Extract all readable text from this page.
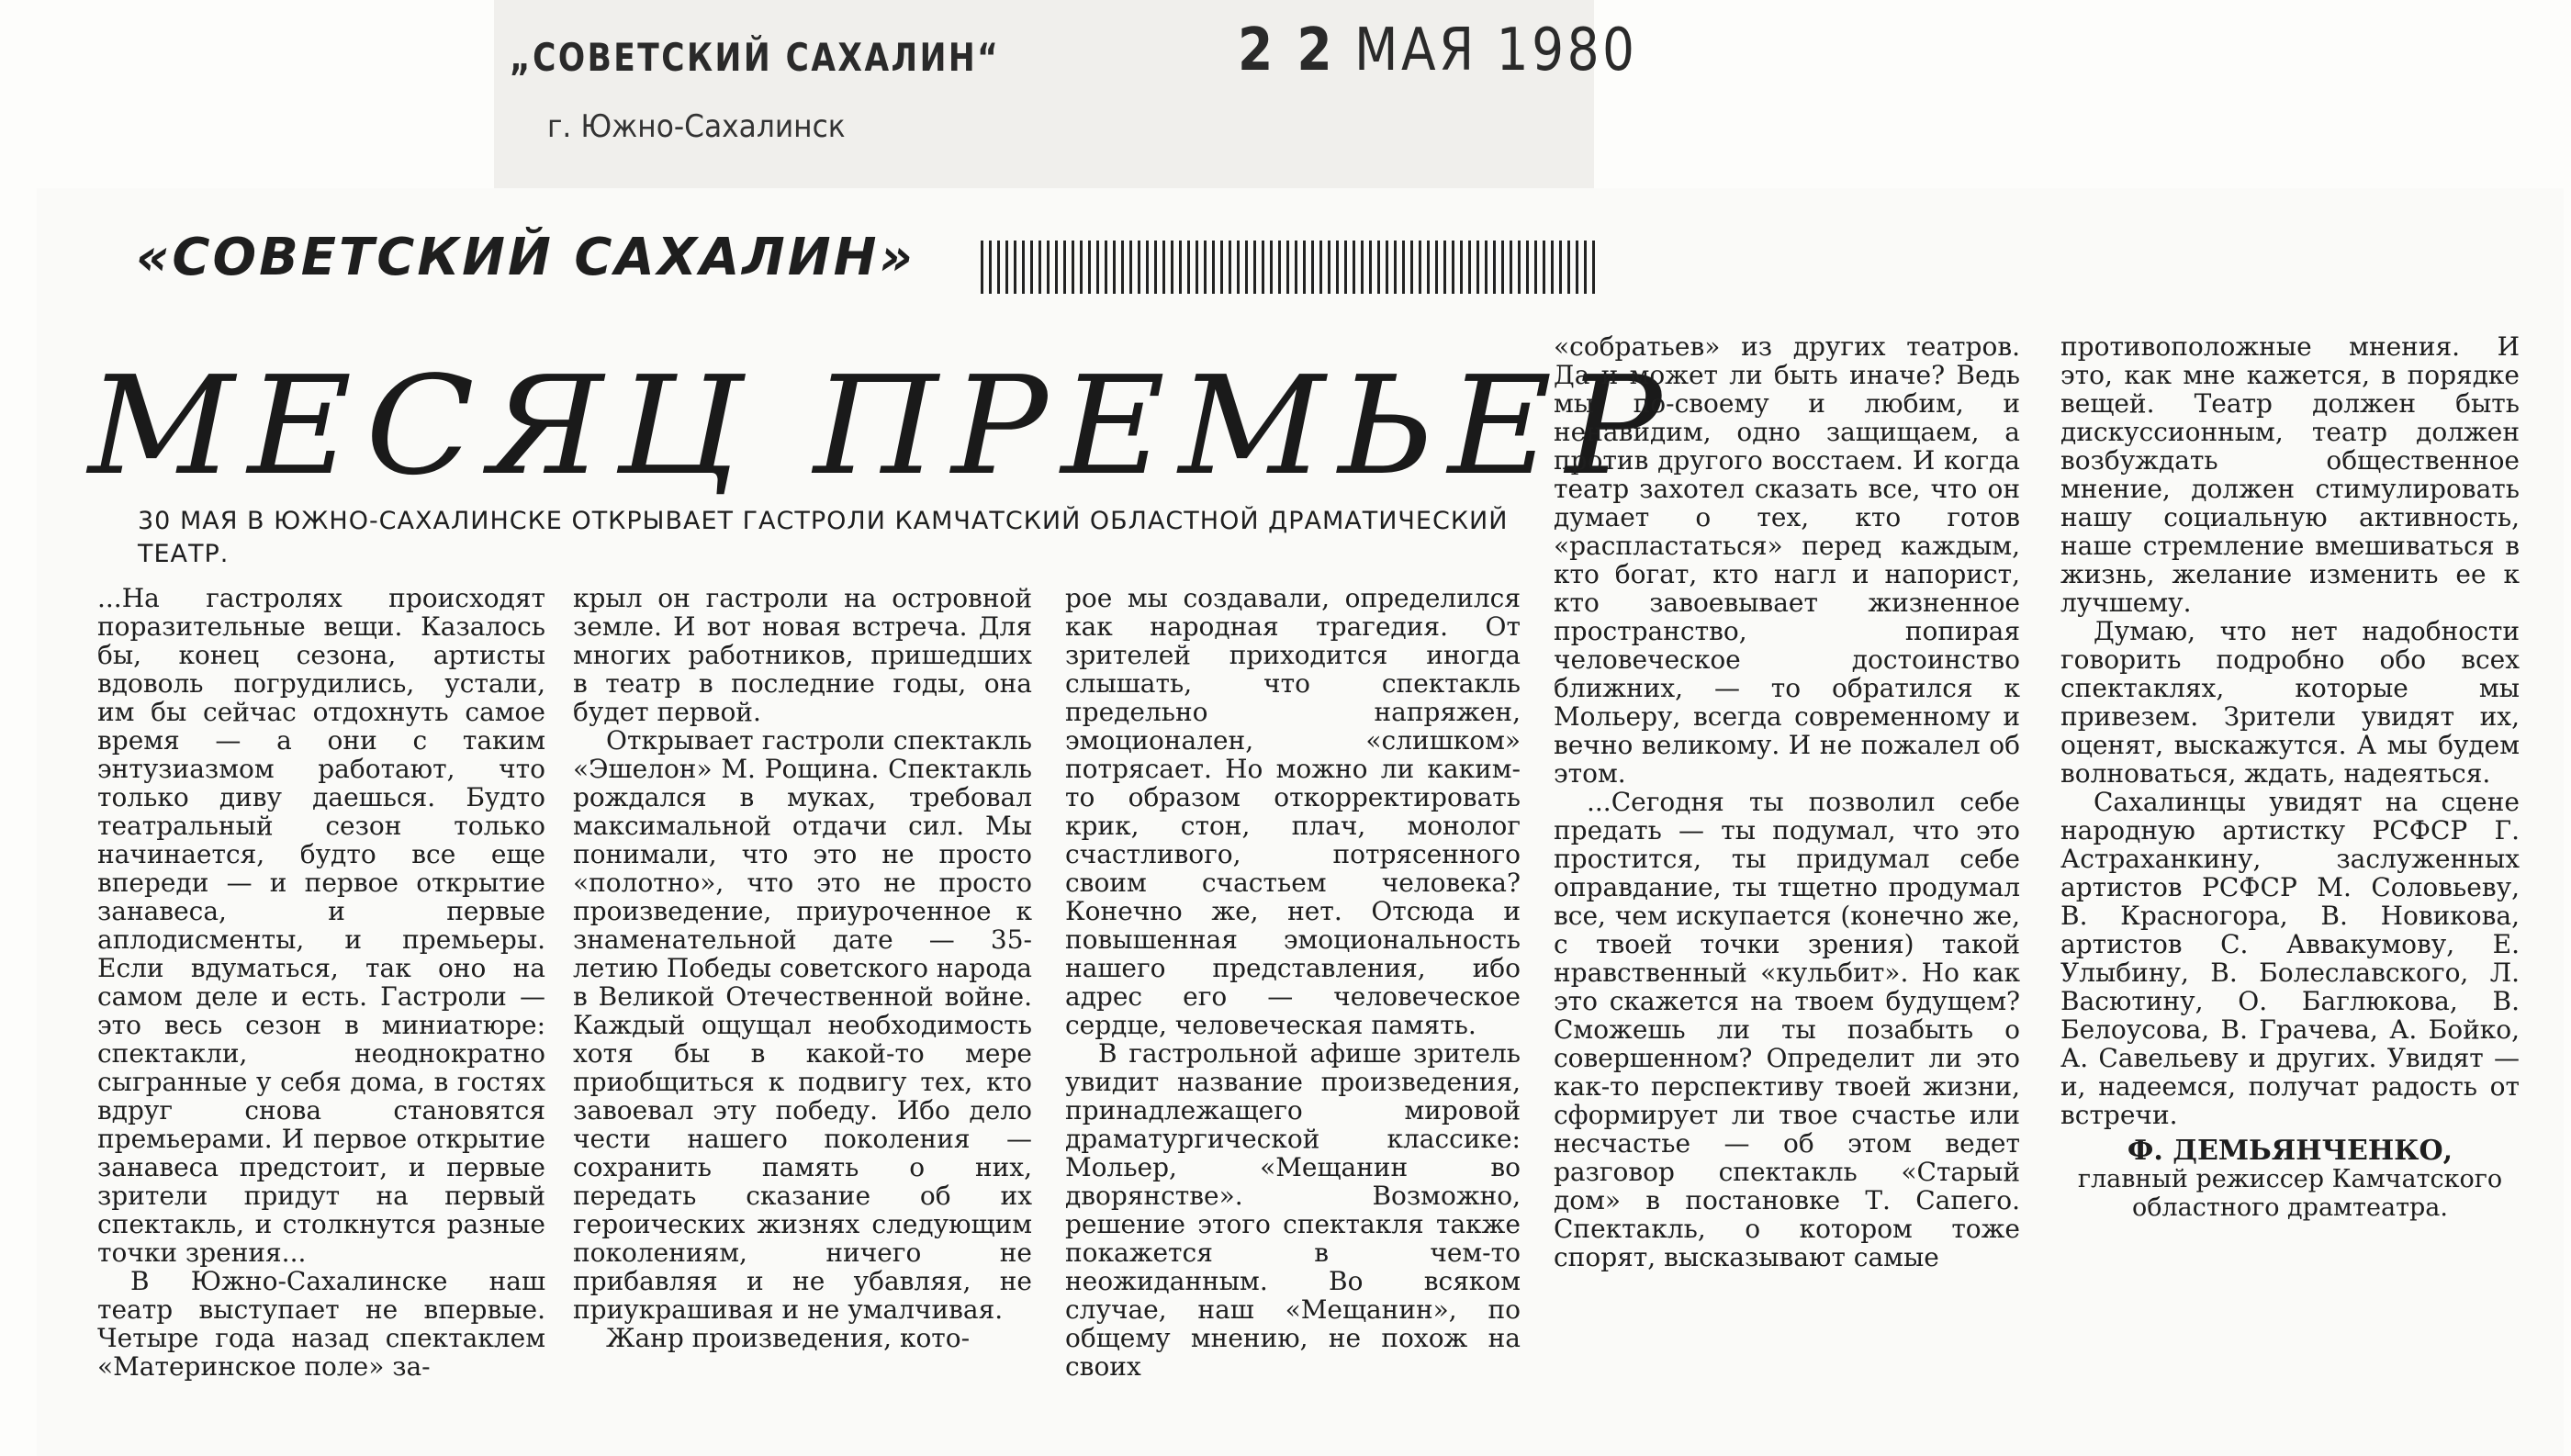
„СОВЕТСКИЙ САХАЛИН“
г. Южно-Сахалинск
2 2 МАЯ 1980
«СОВЕТСКИЙ САХАЛИН»
МЕСЯЦ ПРЕМЬЕР
30 МАЯ В ЮЖНО-САХАЛИНСКЕ ОТКРЫВАЕТ ГАСТРОЛИ КАМЧАТСКИЙ ОБЛАСТНОЙ ДРАМАТИЧЕСКИЙ ТЕАТР.

...На гастролях происходят поразительные вещи. Казалось бы, конец сезона, артисты вдоволь погрудились, устали, им бы сейчас отдохнуть самое время — а они с таким энтузиазмом работают, что только диву даешься. Будто театральный сезон только начинается, будто все еще впереди — и первое открытие занавеса, и первые аплодисменты, и премьеры. Если вдуматься, так оно на самом деле и есть. Гастроли — это весь сезон в миниатюре: спектакли, неоднократно сыгранные у себя дома, в гостях вдруг снова становятся премьерами. И первое открытие занавеса предстоит, и первые зрители придут на первый спектакль, и столкнутся разные точки зрения...

В Южно-Сахалинске наш театр выступает не впервые. Четыре года назад спектаклем «Материнское поле» за-

крыл он гастроли на островной земле. И вот новая встреча. Для многих работников, пришедших в театр в последние годы, она будет первой.

Открывает гастроли спектакль «Эшелон» М. Рощина. Спектакль рождался в муках, требовал максимальной отдачи сил. Мы понимали, что это не просто «полотно», что это не просто произведение, приуроченное к знаменательной дате — 35-летию Победы советского народа в Великой Отечественной войне. Каждый ощущал необходимость хотя бы в какой-то мере приобщиться к подвигу тех, кто завоевал эту победу. Ибо дело чести нашего поколения — сохранить память о них, передать сказание об их героических жизнях следующим поколениям, ничего не прибавляя и не убавляя, не приукрашивая и не умалчивая.

Жанр произведения, кото-

рое мы создавали, определился как народная трагедия. От зрителей приходится иногда слышать, что спектакль предельно напряжен, эмоционален, «слишком» потрясает. Но можно ли каким-то образом откорректировать крик, стон, плач, монолог счастливого, потрясенного своим счастьем человека? Конечно же, нет. Отсюда и повышенная эмоциональность нашего представления, ибо адрес его — человеческое сердце, человеческая память.

В гастрольной афише зритель увидит название произведения, принадлежащего мировой драматургической классике: Мольер, «Мещанин во дворянстве». Возможно, решение этого спектакля также покажется в чем-то неожиданным. Во всяком случае, наш «Мещанин», по общему мнению, не похож на своих

«собратьев» из других театров. Да и может ли быть иначе? Ведь мы по-своему и любим, и ненавидим, одно защищаем, а против другого восстаем. И когда театр захотел сказать все, что он думает о тех, кто готов «распластаться» перед каждым, кто богат, кто нагл и напорист, кто завоевывает жизненное пространство, попирая человеческое достоинство ближних, — то обратился к Мольеру, всегда современному и вечно великому. И не пожалел об этом.

...Сегодня ты позволил себе предать — ты подумал, что это простится, ты придумал себе оправдание, ты тщетно продумал все, чем искупается (конечно же, с твоей точки зрения) такой нравственный «кульбит». Но как это скажется на твоем будущем? Сможешь ли ты позабыть о совершенном? Определит ли это как-то перспективу твоей жизни, сформирует ли твое счастье или несчастье — об этом ведет разговор спектакль «Старый дом» в постановке Т. Сапего. Спектакль, о котором тоже спорят, высказывают самые

противоположные мнения. И это, как мне кажется, в порядке вещей. Театр должен быть дискуссионным, театр должен возбуждать общественное мнение, должен стимулировать нашу социальную активность, наше стремление вмешиваться в жизнь, желание изменить ее к лучшему.

Думаю, что нет надобности говорить подробно обо всех спектаклях, которые мы привезем. Зрители увидят их, оценят, выскажутся. А мы будем волноваться, ждать, надеяться.

Сахалинцы увидят на сцене народную артистку РСФСР Г. Астраханкину, заслуженных артистов РСФСР М. Соловьеву, В. Красногора, В. Новикова, артистов С. Аввакумову, Е. Улыбину, В. Болеславского, Л. Васютину, О. Баглюкова, В. Белоусова, В. Грачева, А. Бойко, А. Савельеву и других. Увидят — и, надеемся, получат радость от встречи.

Ф. ДЕМЬЯНЧЕНКО,
главный режиссер Камчатского областного драмтеатра.
